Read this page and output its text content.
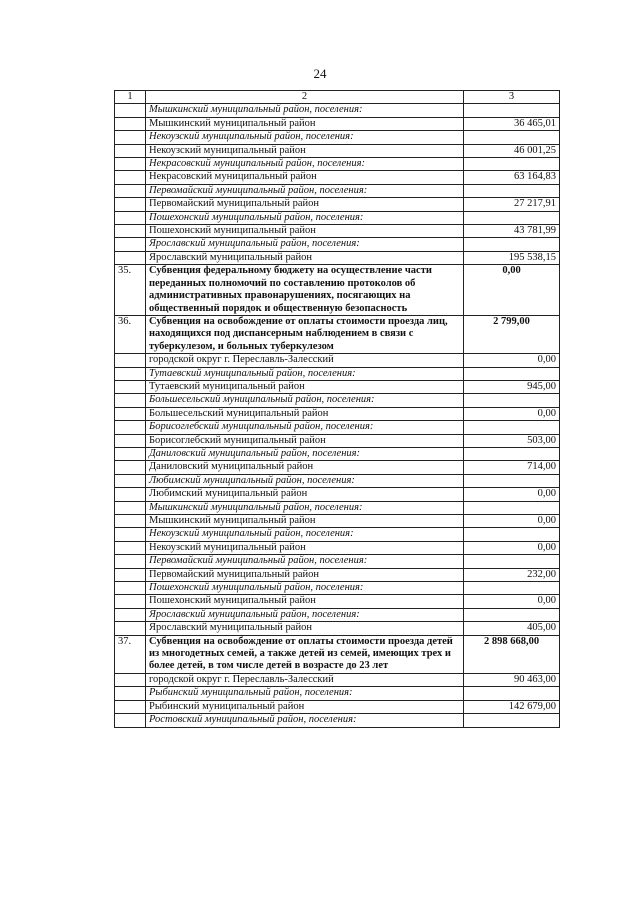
24
1	2	3
	Мышкинский муниципальный район, поселения:	
	Мышкинский муниципальный район	36 465,01
	Некоузский муниципальный район, поселения:	
	Некоузский муниципальный район	46 001,25
	Некрасовский муниципальный район, поселения:	
	Некрасовский муниципальный район	63 164,83
	Первомайский муниципальный район, поселения:	
	Первомайский муниципальный район	27 217,91
	Пошехонский муниципальный район, поселения:	
	Пошехонский муниципальный район	43 781,99
	Ярославский муниципальный район, поселения:	
	Ярославский муниципальный район	195 538,15
35.	Субвенция федеральному бюджету на осуществление части переданных полномочий по составлению протоколов об административных правонарушениях, посягающих на общественный порядок и общественную безопасность	0,00
36.	Субвенция на освобождение от оплаты стоимости проезда лиц, находящихся под диспансерным наблюдением в связи с туберкулезом, и больных туберкулезом	2 799,00
	городской округ г. Переславль-Залесский	0,00
	Тутаевский муниципальный район, поселения:	
	Тутаевский муниципальный район	945,00
	Большесельский муниципальный район, поселения:	
	Большесельский муниципальный район	0,00
	Борисоглебский муниципальный район, поселения:	
	Борисоглебский муниципальный район	503,00
	Даниловский муниципальный район, поселения:	
	Даниловский муниципальный район	714,00
	Любимский муниципальный район, поселения:	
	Любимский муниципальный район	0,00
	Мышкинский муниципальный район, поселения:	
	Мышкинский муниципальный район	0,00
	Некоузский муниципальный район, поселения:	
	Некоузский муниципальный район	0,00
	Первомайский муниципальный район, поселения:	
	Первомайский муниципальный район	232,00
	Пошехонский муниципальный район, поселения:	
	Пошехонский муниципальный район	0,00
	Ярославский муниципальный район, поселения:	
	Ярославский муниципальный район	405,00
37.	Субвенция на освобождение от оплаты стоимости проезда детей из многодетных семей, а также детей из семей, имеющих трех и более детей, в том числе детей в возрасте до 23 лет	2 898 668,00
	городской округ г. Переславль-Залесский	90 463,00
	Рыбинский муниципальный район, поселения:	
	Рыбинский муниципальный район	142 679,00
	Ростовский муниципальный район, поселения:	
